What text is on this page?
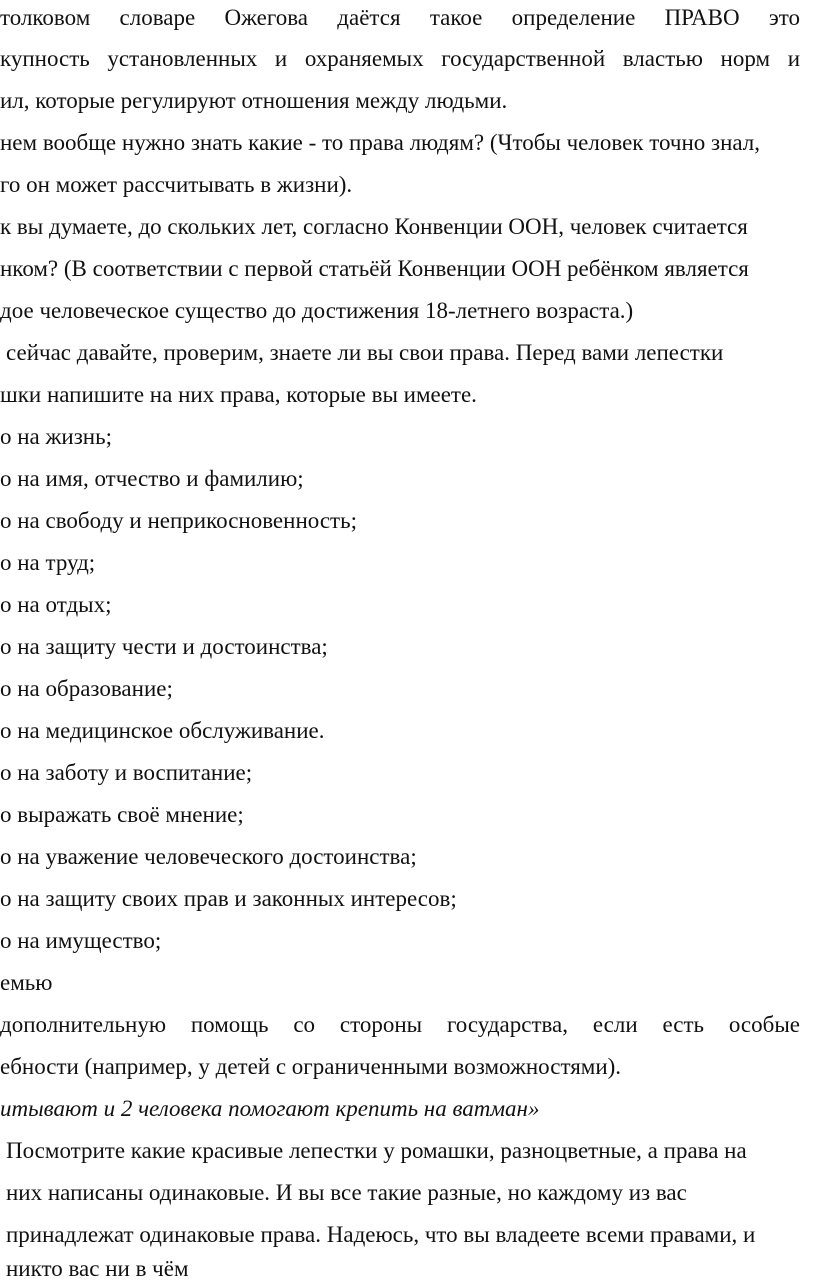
толковом словаре Ожегова даётся такое определение ПРАВО это
купность установленных и охраняемых государственной властью норм и
ил, которые регулируют отношения между людьми.
нем вообще нужно знать какие - то права людям? (Чтобы человек точно знал,
го он может рассчитывать в жизни).
к вы думаете, до скольких лет, согласно Конвенции ООН, человек считается
нком? (В соответствии с первой статьёй Конвенции ООН ребёнком является
дое человеческое существо до достижения 18-летнего возраста.)
сейчас давайте, проверим, знаете ли вы свои права. Перед вами лепестки
шки напишите на них права, которые вы имеете.
о на жизнь;
о на имя, отчество и фамилию;
о на свободу и неприкосновенность;
о на труд;
о на отдых;
о на защиту чести и достоинства;
о на образование;
о на медицинское обслуживание.
о на заботу и воспитание;
о выражать своё мнение;
о на уважение человеческого достоинства;
о на защиту своих прав и законных интересов;
о на имущество;
емью
дополнительную помощь со стороны государства, если есть особые
ебности (например, у детей с ограниченными возможностями).
итывают и 2 человека помогают крепить на ватман»
Посмотрите какие красивые лепестки у ромашки, разноцветные, а права на
них написаны одинаковые. И вы все такие разные, но каждому из вас
принадлежат одинаковые права. Надеюсь, что вы владеете всеми правами, и
никто вас ни в чём
